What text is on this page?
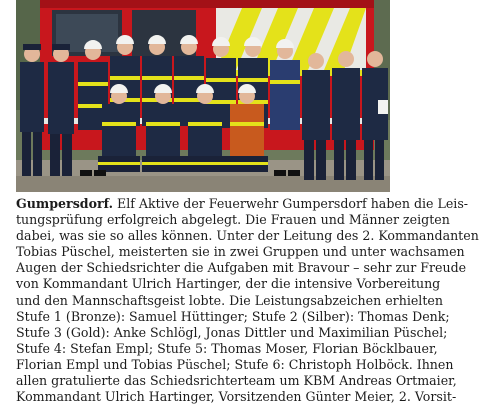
Gumpersdorf. Elf Aktive der Feuerwehr Gumpersdorf haben die Leis-
tungsprüfung erfolgreich abgelegt. Die Frauen und Männer zeigten
dabei, was sie so alles können. Unter der Leitung des 2. Kommandanten
Tobias Püschel, meisterten sie in zwei Gruppen und unter wachsamen
Augen der Schiedsrichter die Aufgaben mit Bravour – sehr zur Freude
von Kommandant Ulrich Hartinger, der die intensive Vorbereitung
und den Mannschaftsgeist lobte. Die Leistungsabzeichen erhielten
Stufe 1 (Bronze): Samuel Hüttinger; Stufe 2 (Silber): Thomas Denk;
Stufe 3 (Gold): Anke Schlögl, Jonas Dittler und Maximilian Püschel;
Stufe 4: Stefan Empl; Stufe 5: Thomas Moser, Florian Böcklbauer,
Florian Empl und Tobias Püschel; Stufe 6: Christoph Holböck. Ihnen
allen gratulierte das Schiedsrichterteam um KBM Andreas Ortmaier,
Kommandant Ulrich Hartinger, Vorsitzenden Günter Meier, 2. Vorsit-
